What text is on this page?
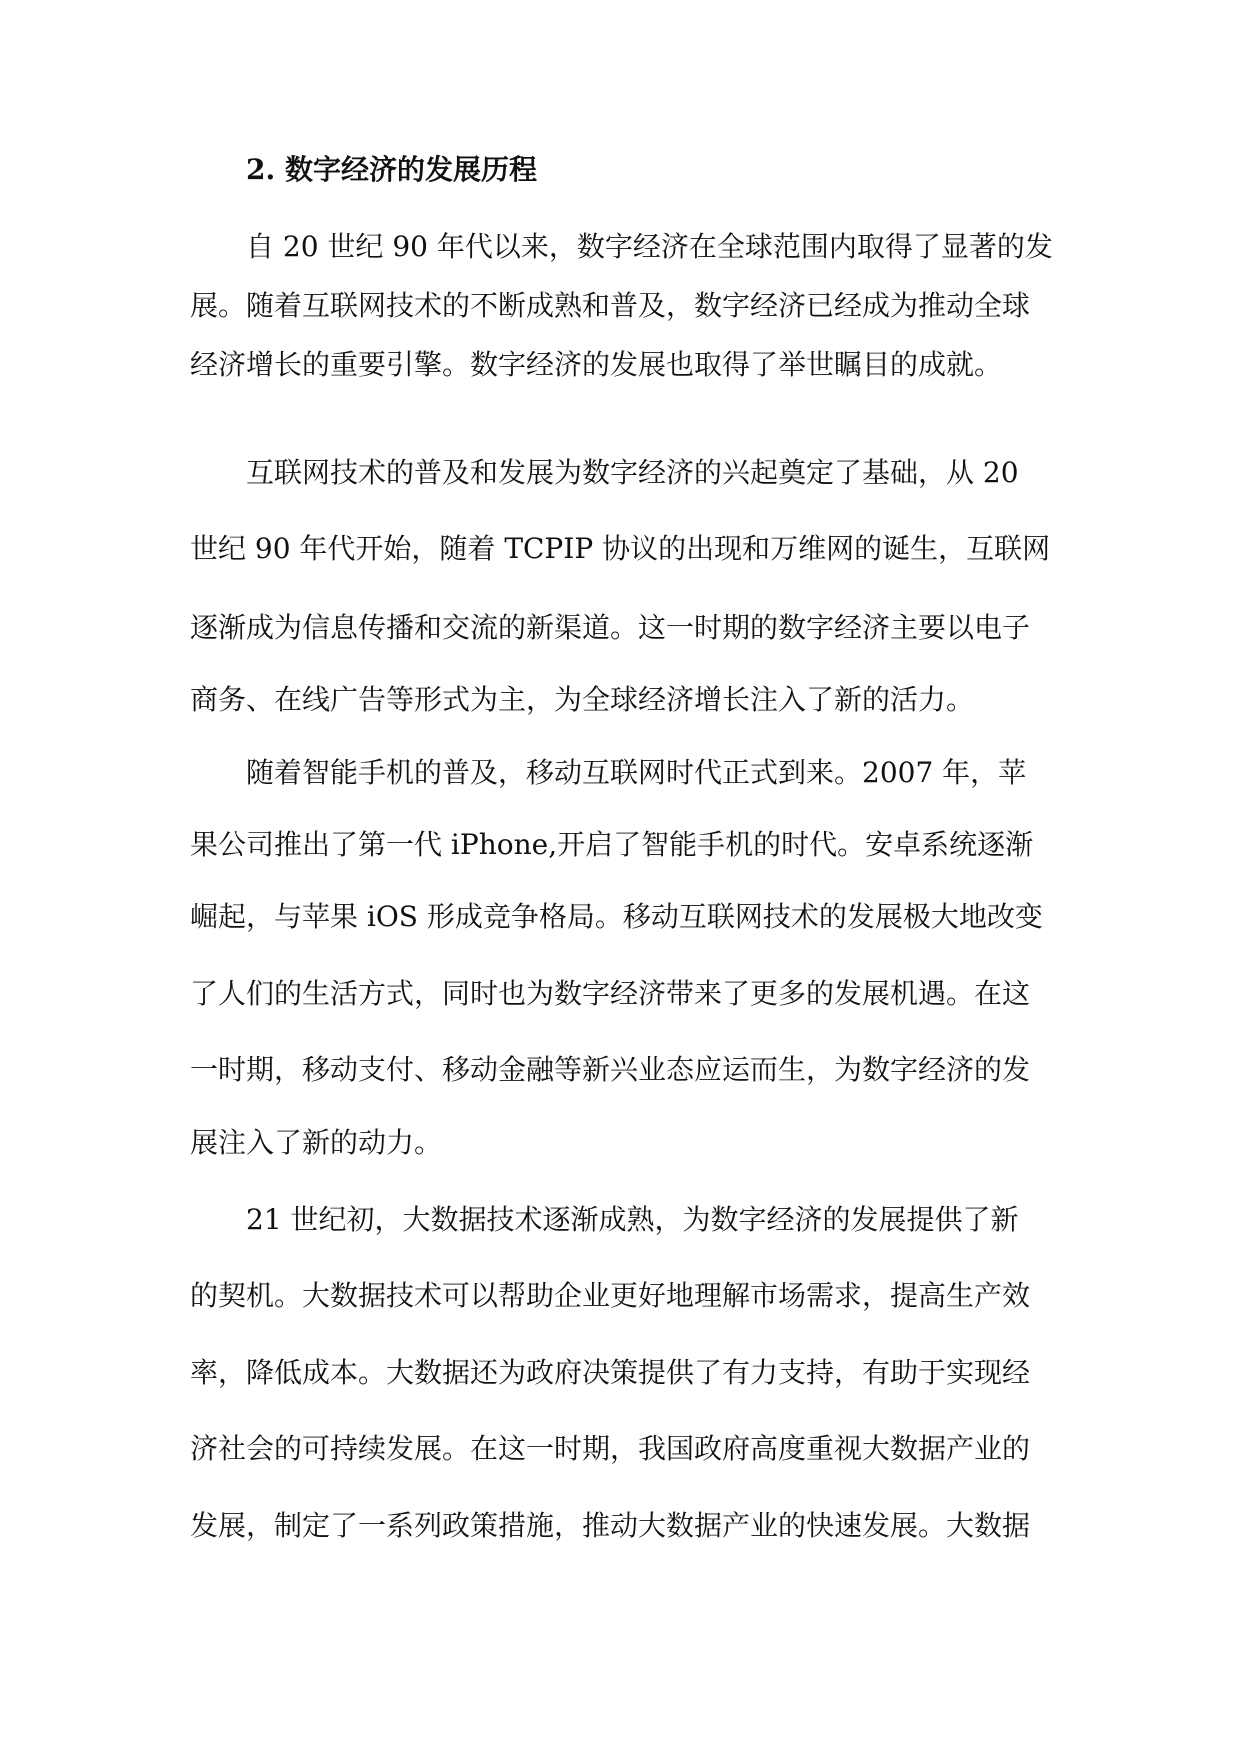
2. 数字经济的发展历程
自 20 世纪 90 年代以来，数字经济在全球范围内取得了显著的发
展。随着互联网技术的不断成熟和普及，数字经济已经成为推动全球
经济增长的重要引擎。数字经济的发展也取得了举世瞩目的成就。
互联网技术的普及和发展为数字经济的兴起奠定了基础，从 20
世纪 90 年代开始，随着 TCPIP 协议的出现和万维网的诞生，互联网
逐渐成为信息传播和交流的新渠道。这一时期的数字经济主要以电子
商务、在线广告等形式为主，为全球经济增长注入了新的活力。
随着智能手机的普及，移动互联网时代正式到来。2007 年，苹
果公司推出了第一代 iPhone,开启了智能手机的时代。安卓系统逐渐
崛起，与苹果 iOS 形成竞争格局。移动互联网技术的发展极大地改变
了人们的生活方式，同时也为数字经济带来了更多的发展机遇。在这
一时期，移动支付、移动金融等新兴业态应运而生，为数字经济的发
展注入了新的动力。
21 世纪初，大数据技术逐渐成熟，为数字经济的发展提供了新
的契机。大数据技术可以帮助企业更好地理解市场需求，提高生产效
率，降低成本。大数据还为政府决策提供了有力支持，有助于实现经
济社会的可持续发展。在这一时期，我国政府高度重视大数据产业的
发展，制定了一系列政策措施，推动大数据产业的快速发展。大数据
